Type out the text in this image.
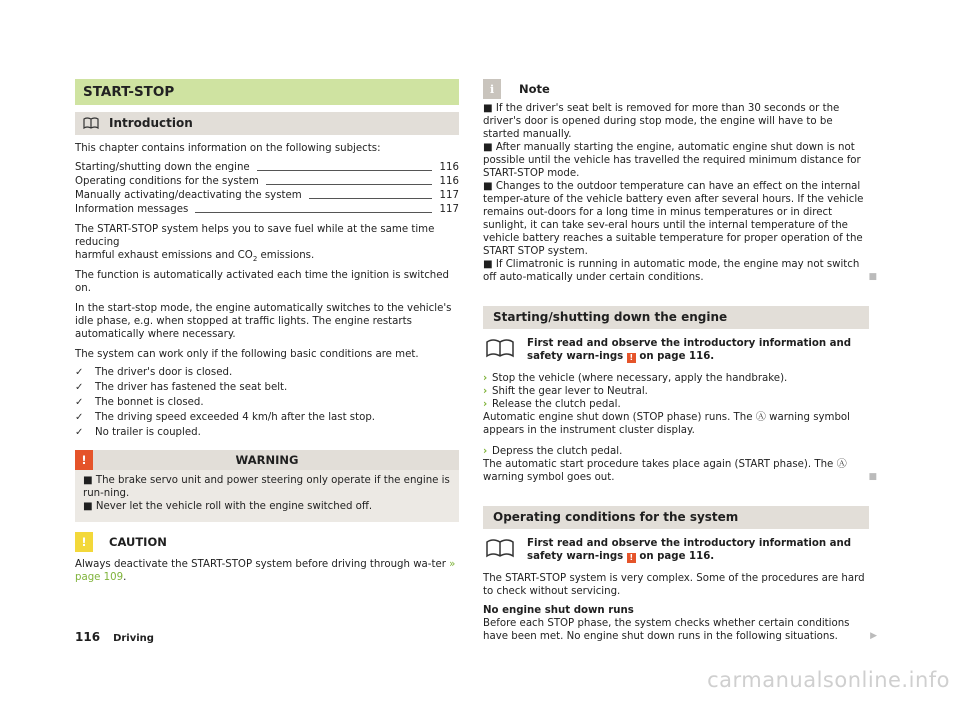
START-STOP
Introduction

This chapter contains information on the following subjects:

Starting/shutting down the engine	116
Operating conditions for the system	116
Manually activating/deactivating the system	117
Information messages	117

The START-STOP system helps you to save fuel while at the same time reducing
harmful exhaust emissions and $CO_2$ emissions.

The function is automatically activated each time the ignition is switched on.

In the start-stop mode, the engine automatically switches to the vehicle's idle phase, e.g. when stopped at traffic lights. The engine restarts automatically where necessary.

The system can work only if the following basic conditions are met.

✓	The driver's door is closed.
✓	The driver has fastened the seat belt.
✓	The bonnet is closed.
✓	The driving speed exceeded 4 km/h after the last stop.
✓	No trailer is coupled.
!	WARNING

■ The brake servo unit and power steering only operate if the engine is run-ning.

■ Never let the vehicle roll with the engine switched off.

! CAUTION

Always deactivate the START-STOP system before driving through wa-ter » page 109.

i Note

■ If the driver's seat belt is removed for more than 30 seconds or the driver's door is opened during stop mode, the engine will have to be started manually.

■ After manually starting the engine, automatic engine shut down is not possible until the vehicle has travelled the required minimum distance for START-STOP mode.

■ Changes to the outdoor temperature can have an effect on the internal temper-ature of the vehicle battery even after several hours. If the vehicle remains out-doors for a long time in minus temperatures or in direct sunlight, it can take sev-eral hours until the internal temperature of the vehicle battery reaches a suitable temperature for proper operation of the START STOP system.

■ If Climatronic is running in automatic mode, the engine may not switch off auto-matically under certain conditions.	■

Starting/shutting down the engine
First read and observe the introductory information and safety warn-ings ! on page 116.
› Stop the vehicle (where necessary, apply the handbrake).
› Shift the gear lever to Neutral.
› Release the clutch pedal.

Automatic engine shut down (STOP phase) runs. The Ⓐ warning symbol appears in the instrument cluster display.

› Depress the clutch pedal.

The automatic start procedure takes place again (START phase). The Ⓐ warning symbol goes out.	■

Operating conditions for the system
First read and observe the introductory information and safety warn-ings ! on page 116.

The START-STOP system is very complex. Some of the procedures are hard to check without servicing.

No engine shut down runs

Before each STOP phase, the system checks whether certain conditions have been met. No engine shut down runs in the following situations.	▶

116 Driving
carmanualsonline.info
